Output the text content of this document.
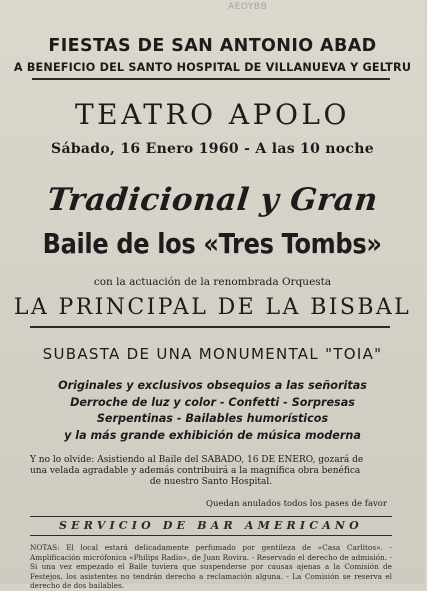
AEOYBB
FIESTAS DE SAN ANTONIO ABAD
A BENEFICIO DEL SANTO HOSPITAL DE VILLANUEVA Y GELTRU
TEATRO APOLO
Sábado, 16 Enero 1960 - A las 10 noche
Tradicional y Gran
Baile de los «Tres Tombs»
con la actuación de la renombrada Orquesta
LA PRINCIPAL DE LA BISBAL
SUBASTA DE UNA MONUMENTAL "TOIA"
Originales y exclusivos obsequios a las señoritas
Derroche de luz y color - Confetti - Sorpresas
Serpentinas - Bailables humorísticos
y la más grande exhibición de música moderna
Y no lo olvide: Asistiendo al Baile del SABADO, 16 DE ENERO, gozará de
una velada agradable y además contribuirá a la magnífica obra benéfica
de nuestro Santo Hospital.
Quedan anulados todos los pases de favor
SERVICIO DE BAR AMERICANO
NOTAS: El local estará delicadamente perfumado por gentileza de «Casa Carlitos». - Amplificación micrófonica «Philips Radio», de Juan Rovira. - Reservado el derecho de admisión. - Si una vez empezado el Baile tuviera que suspenderse por causas ajenas a la Comisión de Festejos, los asistentes no tendrán derecho a reclamación alguna. - La Comisión se reserva el derecho de dos bailables.
